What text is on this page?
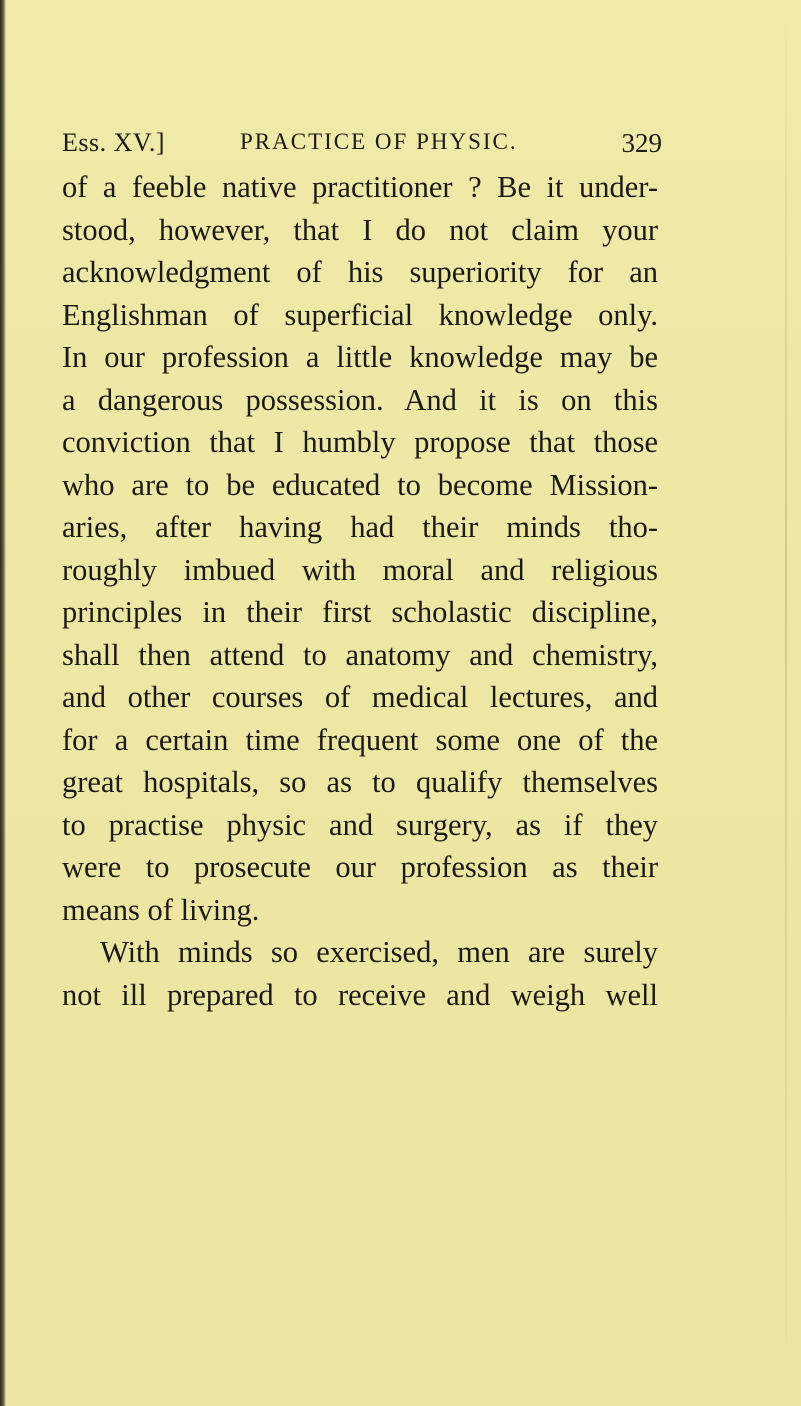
Ess. XV.]	PRACTICE OF PHYSIC.	329
of a feeble native practitioner ? Be it under-
stood, however, that I do not claim your
acknowledgment of his superiority for an
Englishman of superficial knowledge only.
In our profession a little knowledge may be
a dangerous possession. And it is on this
conviction that I humbly propose that those
who are to be educated to become Mission-
aries, after having had their minds tho-
roughly imbued with moral and religious
principles in their first scholastic discipline,
shall then attend to anatomy and chemistry,
and other courses of medical lectures, and
for a certain time frequent some one of the
great hospitals, so as to qualify themselves
to practise physic and surgery, as if they
were to prosecute our profession as their
means of living.
With minds so exercised, men are surely
not ill prepared to receive and weigh well
